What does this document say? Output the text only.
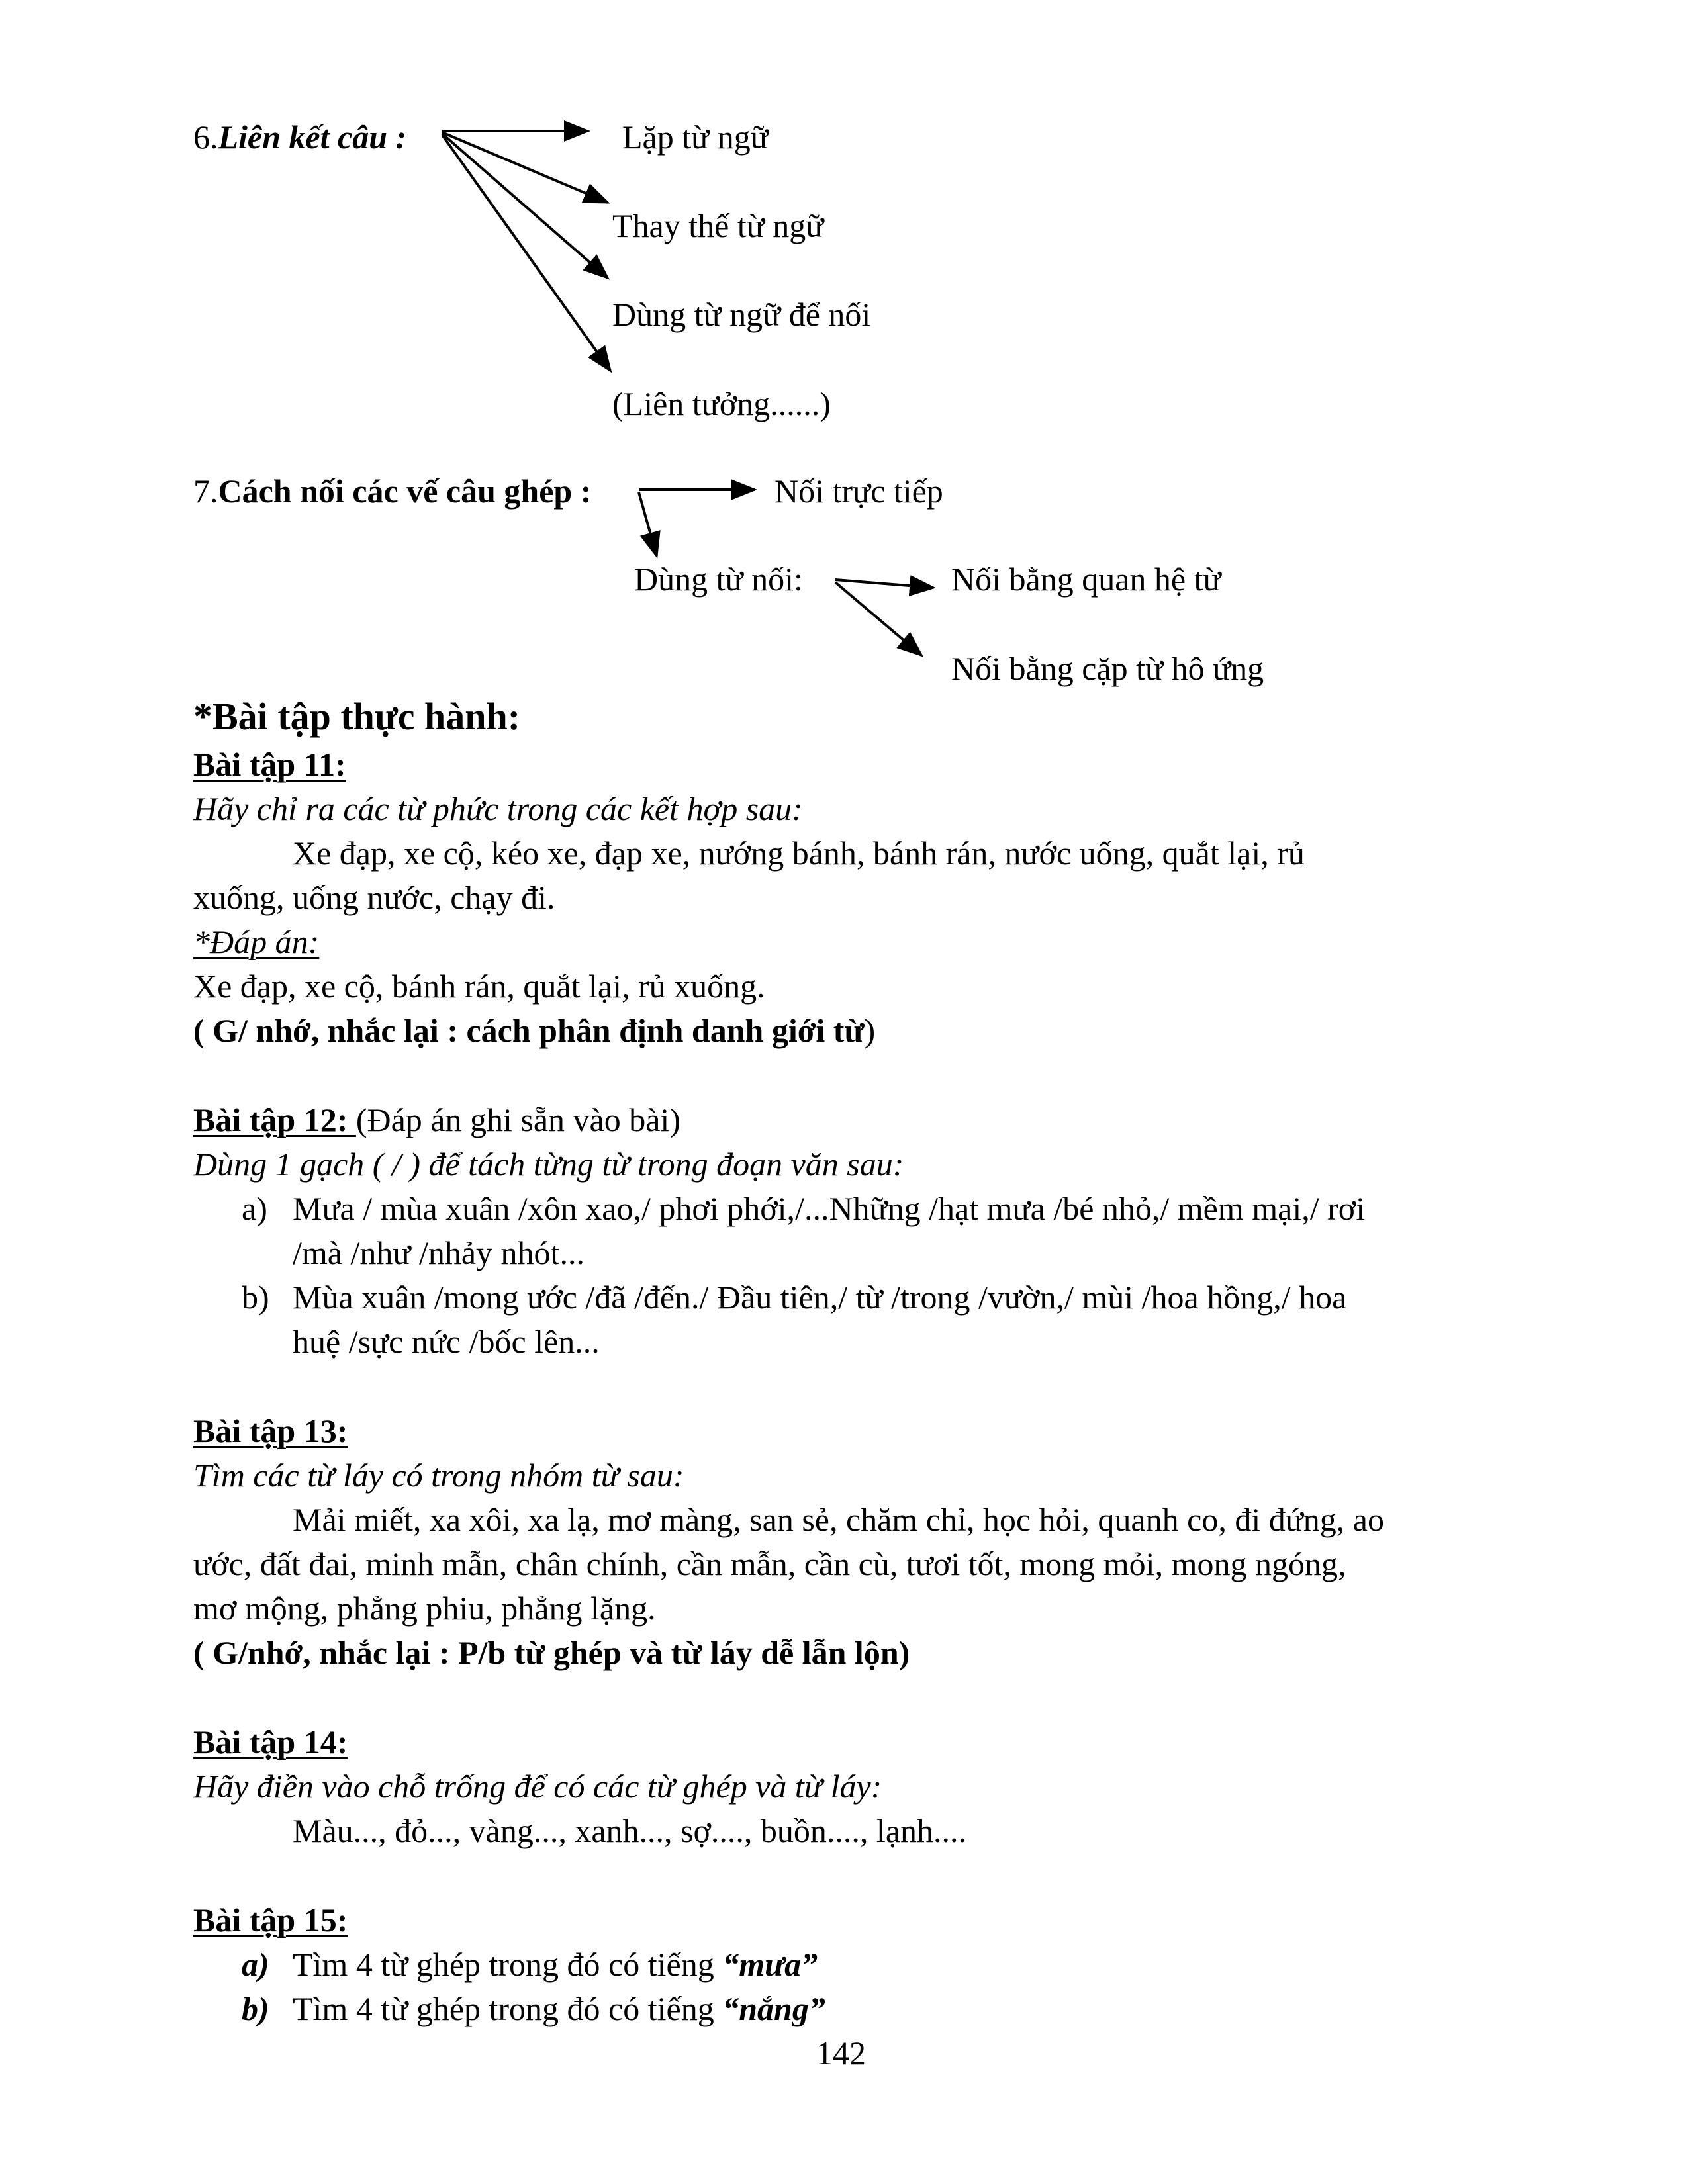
6.Liên kết câu :	Lặp từ ngữ
Thay thế từ ngữ
Dùng từ ngữ để nối
(Liên tưởng......)
7.Cách nối các vế câu ghép :	Nối trực tiếp
Dùng từ nối:	Nối bằng quan hệ từ
Nối bằng cặp từ hô ứng
*Bài tập thực hành:
Bài tập 11:
Hãy chỉ ra các từ phức trong các kết hợp sau:
Xe đạp, xe cộ, kéo xe, đạp xe, nướng bánh, bánh rán, nước uống, quắt lại, rủ
xuống, uống nước, chạy đi.
*Đáp án:
Xe đạp, xe cộ, bánh rán, quắt lại, rủ xuống.
( G/ nhớ, nhắc lại : cách phân định danh giới từ)
Bài tập 12: (Đáp án ghi sẵn vào bài)
Dùng 1 gạch ( / ) để tách từng từ trong đoạn văn sau:
a) Mưa / mùa xuân /xôn xao,/ phơi phới,/...Những /hạt mưa /bé nhỏ,/ mềm mại,/ rơi
/mà /như /nhảy nhót...
b) Mùa xuân /mong ước /đã /đến./ Đầu tiên,/ từ /trong /vườn,/ mùi /hoa hồng,/ hoa
huệ /sực nức /bốc lên...
Bài tập 13:
Tìm các từ láy có trong nhóm từ sau:
Mải miết, xa xôi, xa lạ, mơ màng, san sẻ, chăm chỉ, học hỏi, quanh co, đi đứng, ao
ước, đất đai, minh mẫn, chân chính, cần mẫn, cần cù, tươi tốt, mong mỏi, mong ngóng,
mơ mộng, phẳng phiu, phẳng lặng.
( G/nhớ, nhắc lại : P/b từ ghép và từ láy dễ lẫn lộn)
Bài tập 14:
Hãy điền vào chỗ trống để có các từ ghép và từ láy:
Màu..., đỏ..., vàng..., xanh..., sợ...., buồn...., lạnh....
Bài tập 15:
a) Tìm 4 từ ghép trong đó có tiếng “mưa”
b) Tìm 4 từ ghép trong đó có tiếng “nắng”
142
